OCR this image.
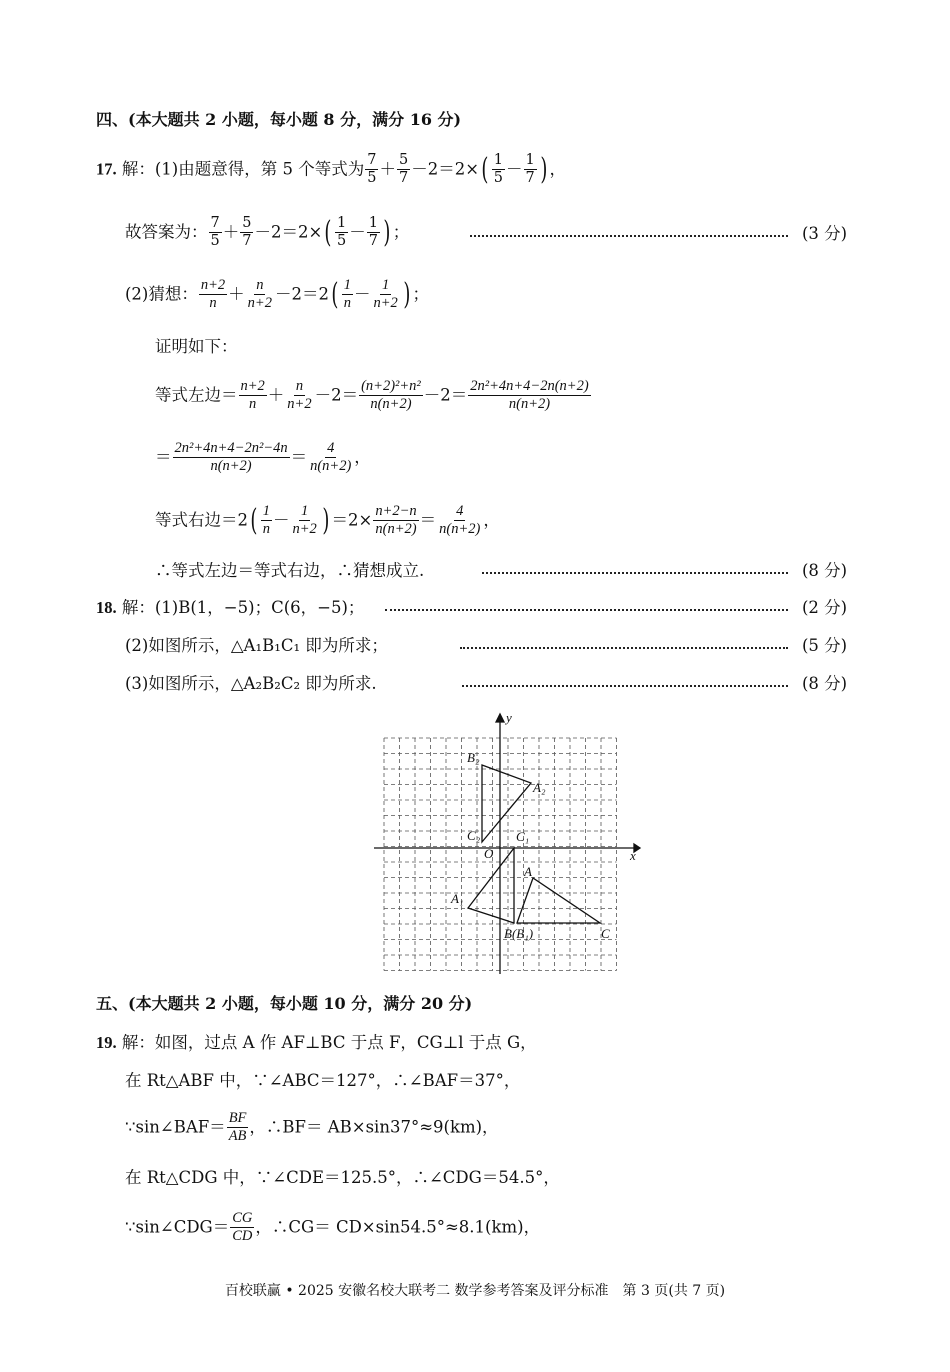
四、(本大题共 2 小题，每小题 8 分，满分 16 分)
17. 解：(1)由题意得，第 5 个等式为 $\frac{7}{5} + \frac{5}{7} -2=2\times( \frac{1}{5} - \frac{1}{7}$ ) ，
故答案为： $\frac{7}{5} + \frac{5}{7} -2=2\times( \frac{1}{5} - \frac{1}{7}$ ) ；	(3 分)
(2)猜想： $\frac{n+2}{n} + \frac{n}{n+2} -2=2( \frac{1}{n} - \frac{1}{n+2}$ ) ；
证明如下：
等式左边＝ $\frac{n+2}{n} + \frac{n}{n+2} -2= \frac{\text{(n+2)²+n²}}{n(n+2)} -2= \frac{\text{2n²+4n+4−2n(n+2)}}{n(n+2)}$
＝ $\frac{\text{2n²+4n+4−2n²−4n}}{n(n+2)} = \frac{4}{n(n+2)}$ ，
等式右边$=2( \frac{1}{n} - \frac{1}{n+2}$ ) $=2\times \frac{n+2-n}{n(n+2)} = \frac{4}{n(n+2)}$ ，
∴等式左边＝等式右边，∴猜想成立.	(8 分)
18. 解：(1)B(1，−5)；C(6，−5)；	(2 分)
(2)如图所示，△A₁B₁C₁ 即为所求；	(5 分)
(3)如图所示，△A₂B₂C₂ 即为所求.	(8 分)
x
y
O
B₂
A₂
C₂	C₁
A₁
A
B(B₁)	C
五、(本大题共 2 小题，每小题 10 分，满分 20 分)
19. 解：如图，过点 A 作 AF⊥BC 于点 F，CG⊥l 于点 G，
在 Rt△ABF 中，∵∠ABC＝127°，∴∠BAF＝37°，
∵sin∠BAF＝ $\frac{BF}{AB}$ ，∴BF＝ AB×sin37°≈9(km)，
在 Rt△CDG 中，∵∠CDE＝125.5°，∴∠CDG＝54.5°，
∵sin∠CDG＝ $\frac{CG}{CD}$ ，∴CG＝ CD×sin54.5°≈8.1(km)，
百校联赢 • 2025 安徽名校大联考二 数学参考答案及评分标准　第 3 页(共 7 页)
